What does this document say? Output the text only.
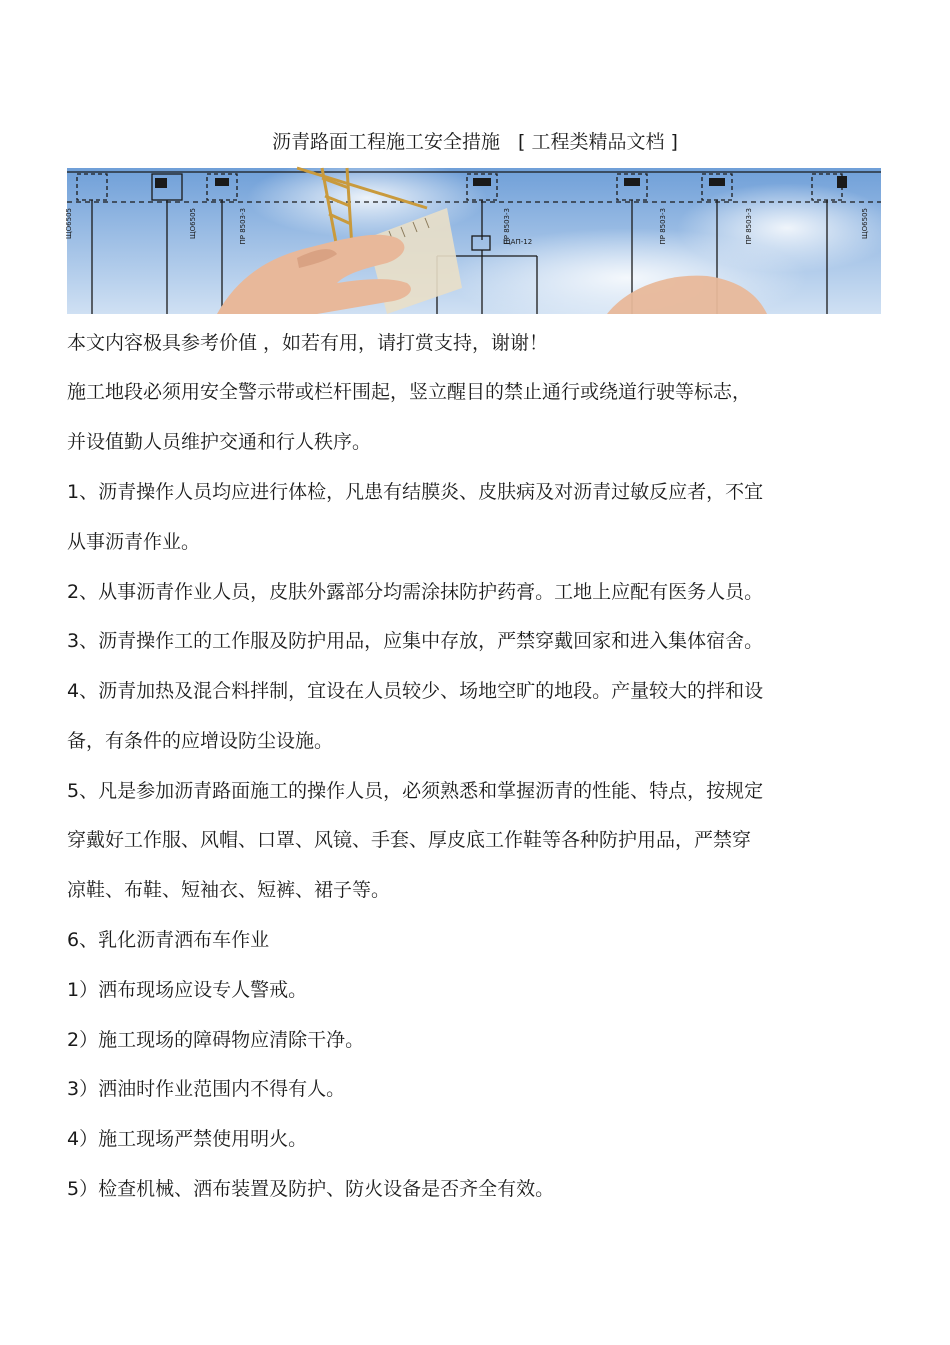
沥青路面工程施工安全措施 [ 工程类精品文档 ]
ЩО6505	ЩО6505	ПР 8503-3	ПР 8503-3
ЩАП-12	ПР 8503-3	ПР 8503-3	ЩО6505
本文内容极具参考价值 ，如若有用，请打赏支持，谢谢！
施工地段必须用安全警示带或栏杆围起，竖立醒目的禁止通行或绕道行驶等标志，
并设值勤人员维护交通和行人秩序。
1、沥青操作人员均应进行体检，凡患有结膜炎、皮肤病及对沥青过敏反应者，不宜
从事沥青作业。
2、从事沥青作业人员，皮肤外露部分均需涂抹防护药膏。工地上应配有医务人员。
3、沥青操作工的工作服及防护用品，应集中存放，严禁穿戴回家和进入集体宿舍。
4、沥青加热及混合料拌制，宜设在人员较少、场地空旷的地段。产量较大的拌和设
备，有条件的应增设防尘设施。
5、凡是参加沥青路面施工的操作人员，必须熟悉和掌握沥青的性能、特点，按规定
穿戴好工作服、风帽、口罩、风镜、手套、厚皮底工作鞋等各种防护用品，严禁穿
凉鞋、布鞋、短袖衣、短裤、裙子等。
6、乳化沥青洒布车作业
1）洒布现场应设专人警戒。
2）施工现场的障碍物应清除干净。
3）洒油时作业范围内不得有人。
4）施工现场严禁使用明火。
5）检查机械、洒布装置及防护、防火设备是否齐全有效。
